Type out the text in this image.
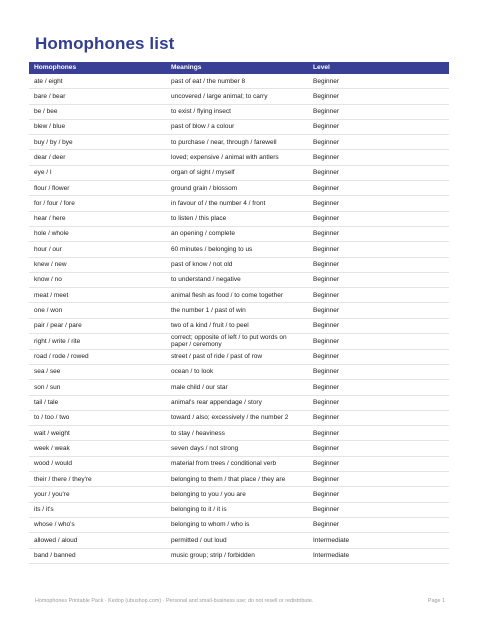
Homophones list
Homophones	Meanings	Level
ate / eight	past of eat / the number 8	Beginner
bare / bear	uncovered / large animal; to carry	Beginner
be / bee	to exist / flying insect	Beginner
blew / blue	past of blow / a colour	Beginner
buy / by / bye	to purchase / near, through / farewell	Beginner
dear / deer	loved; expensive / animal with antlers	Beginner
eye / I	organ of sight / myself	Beginner
flour / flower	ground grain / blossom	Beginner
for / four / fore	in favour of / the number 4 / front	Beginner
hear / here	to listen / this place	Beginner
hole / whole	an opening / complete	Beginner
hour / our	60 minutes / belonging to us	Beginner
knew / new	past of know / not old	Beginner
know / no	to understand / negative	Beginner
meat / meet	animal flesh as food / to come together	Beginner
one / won	the number 1 / past of win	Beginner
pair / pear / pare	two of a kind / fruit / to peel	Beginner
right / write / rite	correct; opposite of left / to put words on paper / ceremony	Beginner
road / rode / rowed	street / past of ride / past of row	Beginner
sea / see	ocean / to look	Beginner
son / sun	male child / our star	Beginner
tail / tale	animal's rear appendage / story	Beginner
to / too / two	toward / also; excessively / the number 2	Beginner
wait / weight	to stay / heaviness	Beginner
week / weak	seven days / not strong	Beginner
wood / would	material from trees / conditional verb	Beginner
their / there / they're	belonging to them / that place / they are	Beginner
your / you're	belonging to you / you are	Beginner
its / it's	belonging to it / it is	Beginner
whose / who's	belonging to whom / who is	Beginner
allowed / aloud	permitted / out loud	Intermediate
band / banned	music group; strip / forbidden	Intermediate
Homophones Printable Pack · Kedop (ubushop.com) · Personal and small-business use; do not resell or redistribute.	Page 1
